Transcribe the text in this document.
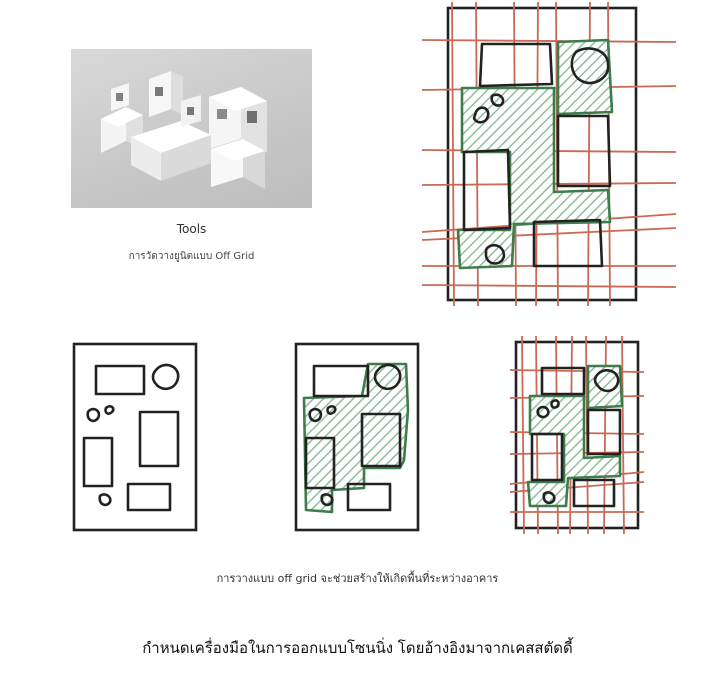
Tools
การวัดวางยูนิตแบบ Off Grid
การวางแบบ off grid จะช่วยสร้างให้เกิดพื้นที่ระหว่างอาคาร
กำหนดเครื่องมือในการออกแบบโซนนิ่ง โดยอ้างอิงมาจากเคสสตัดดี้
